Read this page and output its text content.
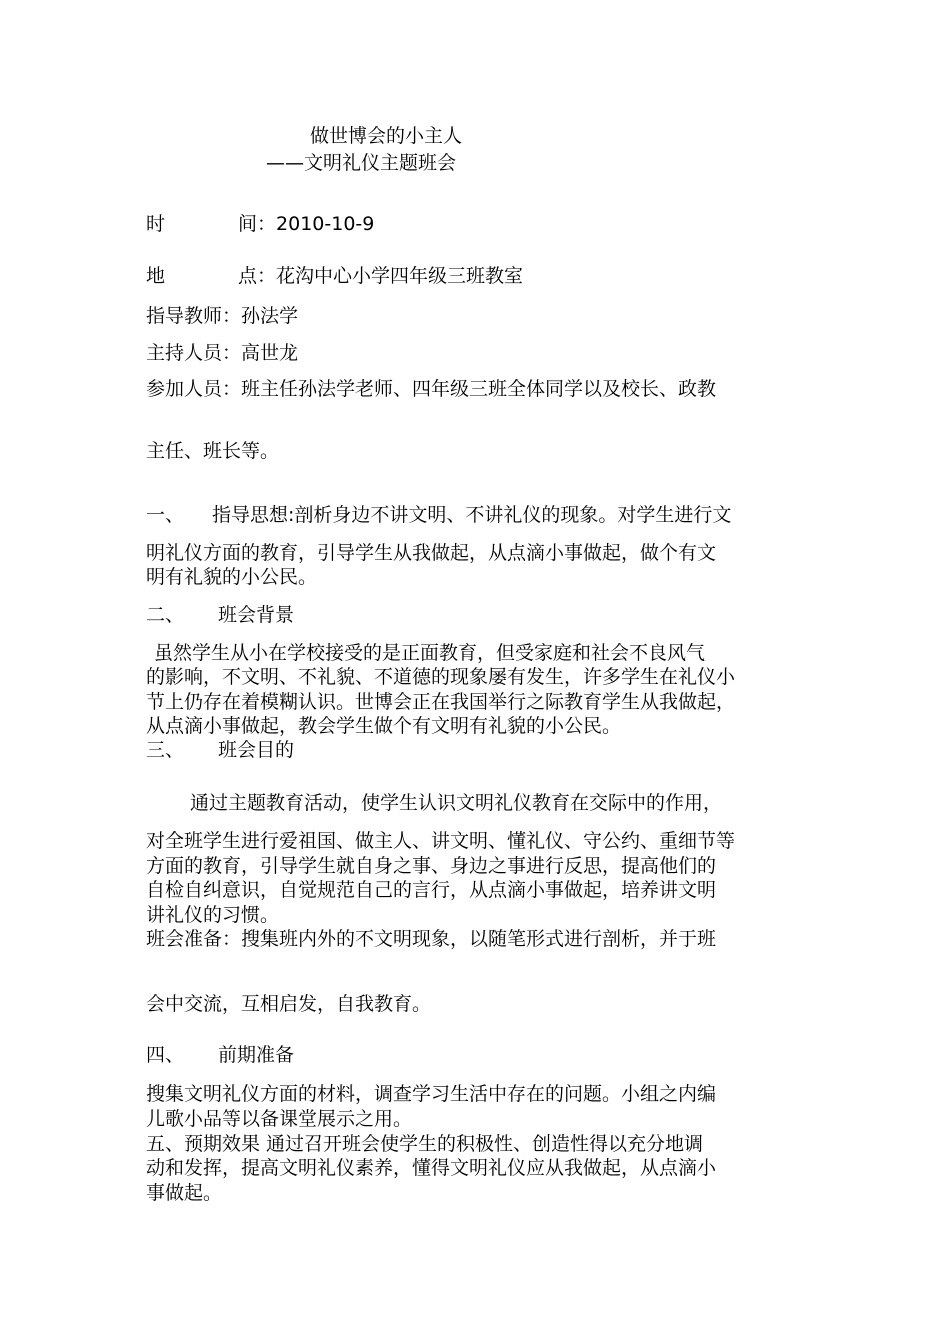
做世博会的小主人
——文明礼仪主题班会
时	间：2010-10-9
地	点：花沟中心小学四年级三班教室
指导教师：孙法学
主持人员：高世龙
参加人员：班主任孙法学老师、四年级三班全体同学以及校长、政教
主任、班长等。
一、 指导思想:剖析身边不讲文明、不讲礼仪的现象。对学生进行文
明礼仪方面的教育，引导学生从我做起，从点滴小事做起，做个有文
明有礼貌的小公民。
二、 班会背景
虽然学生从小在学校接受的是正面教育，但受家庭和社会不良风气
的影响，不文明、不礼貌、不道德的现象屡有发生，许多学生在礼仪小
节上仍存在着模糊认识。世博会正在我国举行之际教育学生从我做起，
从点滴小事做起，教会学生做个有文明有礼貌的小公民。
三、 班会目的
通过主题教育活动，使学生认识文明礼仪教育在交际中的作用，
对全班学生进行爱祖国、做主人、讲文明、懂礼仪、守公约、重细节等
方面的教育，引导学生就自身之事、身边之事进行反思，提高他们的
自检自纠意识，自觉规范自己的言行，从点滴小事做起，培养讲文明
讲礼仪的习惯。
班会准备：搜集班内外的不文明现象，以随笔形式进行剖析，并于班
会中交流，互相启发，自我教育。
四、 前期准备
搜集文明礼仪方面的材料，调查学习生活中存在的问题。小组之内编
儿歌小品等以备课堂展示之用。
五、预期效果 通过召开班会使学生的积极性、创造性得以充分地调
动和发挥，提高文明礼仪素养，懂得文明礼仪应从我做起，从点滴小
事做起。
